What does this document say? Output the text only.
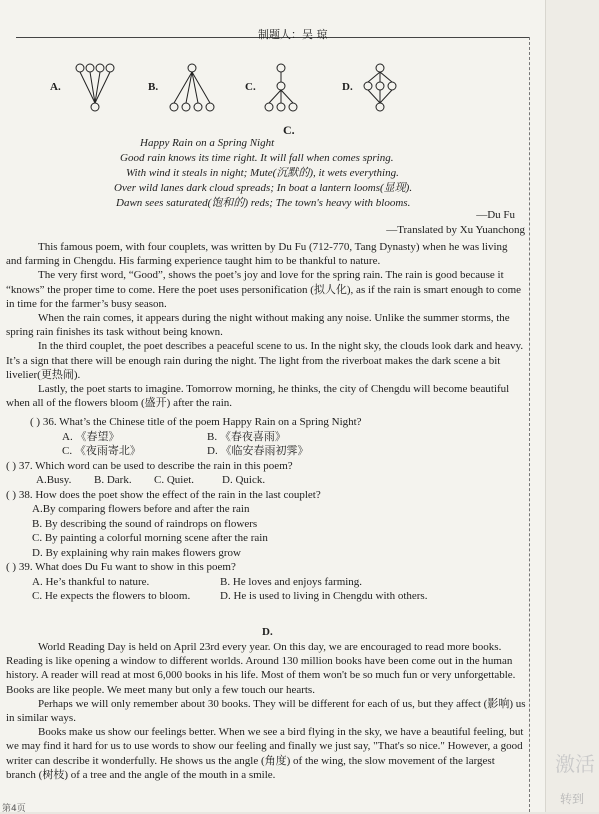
制题人：吴 琼
A.	B.	C.	D.
C.
Happy Rain on a Spring Night
Good rain knows its time right. It will fall when comes spring.
With wind it steals in night; Mute(沉默的), it wets everything.
Over wild lanes dark cloud spreads; In boat a lantern looms(显现).
Dawn sees saturated(饱和的) reds; The town's heavy with blooms.
—Du Fu
—Translated by Xu Yuanchong

This famous poem, with four couplets, was written by Du Fu (712-770, Tang Dynasty) when he was living and farming in Chengdu. His farming experience taught him to be thankful to nature.

The very first word, “Good”, shows the poet’s joy and love for the spring rain. The rain is good because it “knows” the proper time to come. Here the poet uses personification (拟人化), as if the rain is smart enough to come in time for the farmer’s busy season.

When the rain comes, it appears during the night without making any noise. Unlike the summer storms, the spring rain finishes its task without being known.

In the third couplet, the poet describes a peaceful scene to us. In the night sky, the clouds look dark and heavy. It’s a sign that there will be enough rain during the night. The light from the riverboat makes the dark scene a bit livelier(更热闹).

Lastly, the poet starts to imagine. Tomorrow morning, he thinks, the city of Chengdu will become beautiful when all of the flowers bloom (盛开) after the rain.

( ) 36. What’s the Chinese title of the poem Happy Rain on a Spring Night?
A. 《春望》	B. 《春夜喜雨》
C. 《夜雨寄北》	D. 《临安春雨初霁》
( ) 37. Which word can be used to describe the rain in this poem?
A.Busy. B. Dark. C. Quiet.	D. Quick.
( ) 38. How does the poet show the effect of the rain in the last couplet?
A.By comparing flowers before and after the rain
B. By describing the sound of raindrops on flowers
C. By painting a colorful morning scene after the rain
D. By explaining why rain makes flowers grow
( ) 39. What does Du Fu want to show in this poem?
A. He’s thankful to nature.	B. He loves and enjoys farming.
C. He expects the flowers to bloom.	D. He is used to living in Chengdu with others.
D.

World Reading Day is held on April 23rd every year. On this day, we are encouraged to read more books. Reading is like opening a window to different worlds. Around 130 million books have been come out in the human history. A reader will read at most 6,000 books in his life. Most of them won't be so much fun or very unforgettable. Books are like people. We meet many but only a few touch our hearts.

Perhaps we will only remember about 30 books. They will be different for each of us, but they affect (影响) us in similar ways.

Books make us show our feelings better. When we see a bird flying in the sky, we have a beautiful feeling, but we may find it hard for us to use words to show our feeling and finally we just say, "That's so nice." However, a good writer can describe it wonderfully. He shows us the angle (角度) of the wing, the slow movement of the largest branch (树枝) of a tree and the angle of the mouth in a smile.	激活
转到
第4页
